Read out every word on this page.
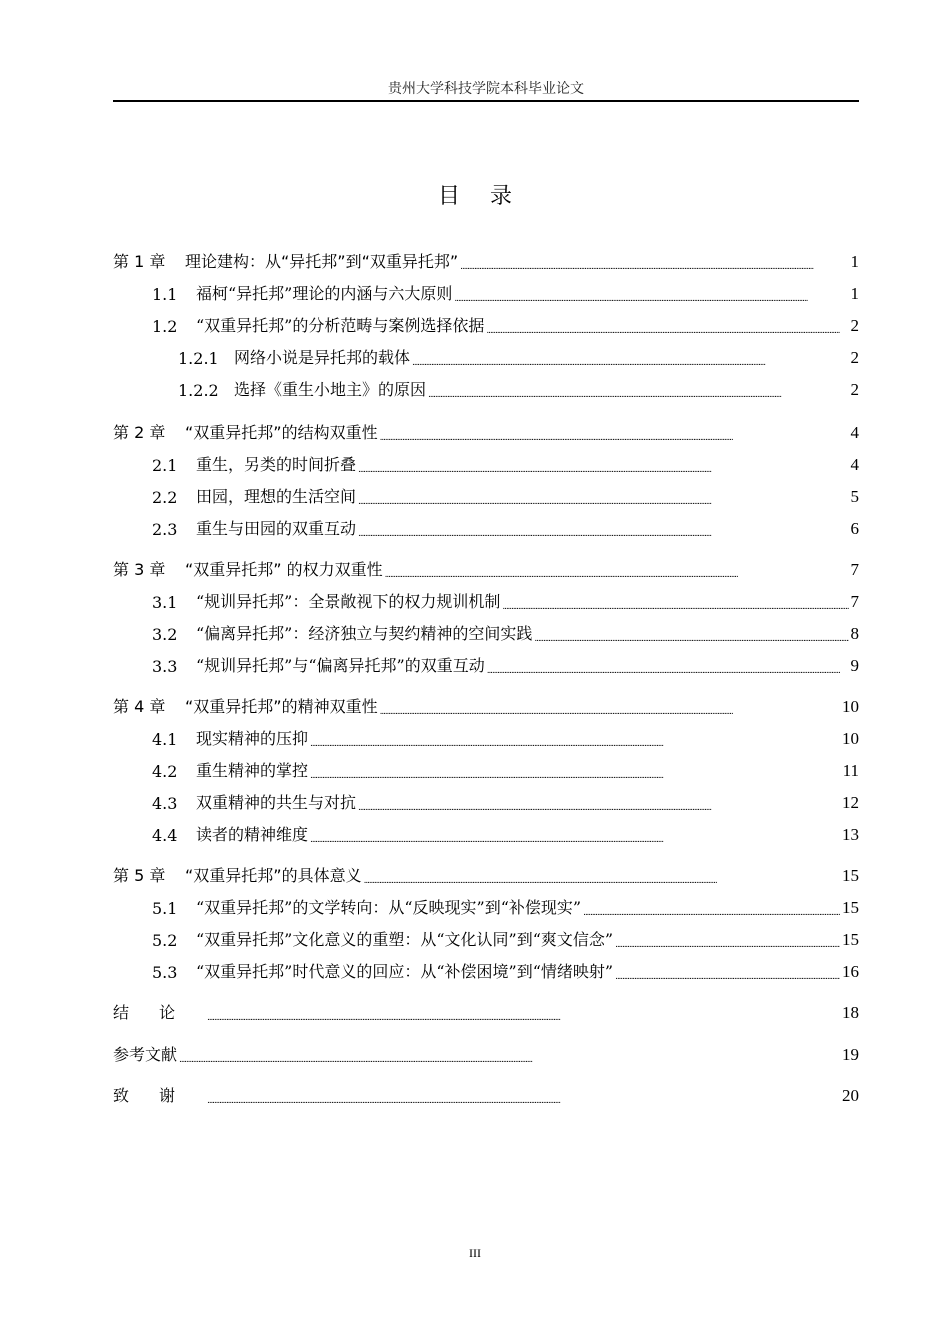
贵州大学科技学院本科毕业论文
目录
第 1 章	理论建构：从“异托邦”到“双重异托邦” . . .	1
1.1	福柯“异托邦”理论的内涵与六大原则 . . .	1
1.2	“双重异托邦”的分析范畴与案例选择依据 . . .	2
1.2.1 网络小说是异托邦的载体 . . .	2
1.2.2 选择《重生小地主》的原因 . . .	2
第 2 章	“双重异托邦”的结构双重性 . . .	4
2.1	重生，另类的时间折叠 . . .	4
2.2	田园，理想的生活空间 . . .	5
2.3	重生与田园的双重互动 . . .	6
第 3 章	“双重异托邦” 的权力双重性 . . .	7
3.1	“规训异托邦”：全景敞视下的权力规训机制 . . .	7
3.2	“偏离异托邦”：经济独立与契约精神的空间实践 . . .	8
3.3	“规训异托邦”与“偏离异托邦”的双重互动 . . .	9
第 4 章	“双重异托邦”的精神双重性 . . .	10
4.1	现实精神的压抑 . . .	10
4.2	重生精神的掌控 . . .	11
4.3	双重精神的共生与对抗 . . .	12
4.4	读者的精神维度 . . .	13
第 5 章	“双重异托邦”的具体意义 . . .	15
5.1	“双重异托邦”的文学转向：从“反映现实”到“补偿现实” . . .	15
5.2	“双重异托邦”文化意义的重塑：从“文化认同”到“爽文信念” . . .	15
5.3	“双重异托邦”时代意义的回应：从“补偿困境”到“情绪映射” . . .	16
结论 . . .	18
参考文献 . . .	19
致谢 . . .	20
III
